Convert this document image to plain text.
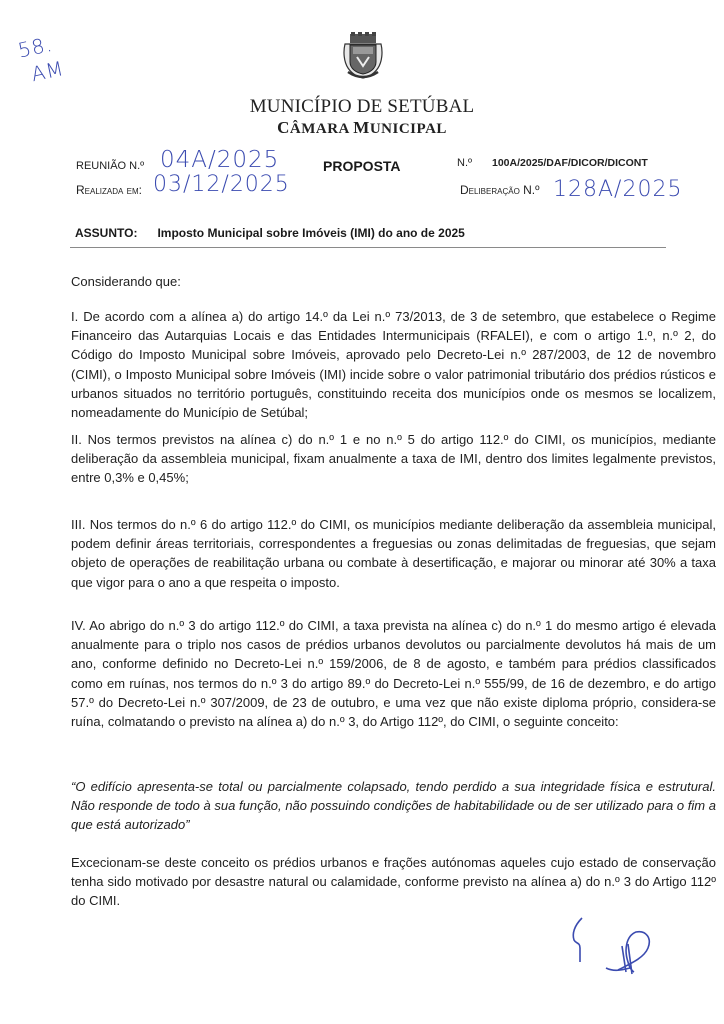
58.
AM
MUNICÍPIO DE SETÚBAL
CÂMARA MUNICIPAL
REUNIÃO N.º 04A/2025
Realizada em: 03/12/2025
PROPOSTA	N.º 100A/2025/DAF/DICOR/DICONT
Deliberação N.º 128A/2025
ASSUNTO: Imposto Municipal sobre Imóveis (IMI) do ano de 2025

Considerando que:

I. De acordo com a alínea a) do artigo 14.º da Lei n.º 73/2013, de 3 de setembro, que estabelece o Regime Financeiro das Autarquias Locais e das Entidades Intermunicipais (RFALEI), e com o artigo 1.º, n.º 2, do Código do Imposto Municipal sobre Imóveis, aprovado pelo Decreto-Lei n.º 287/2003, de 12 de novembro (CIMI), o Imposto Municipal sobre Imóveis (IMI) incide sobre o valor patrimonial tributário dos prédios rústicos e urbanos situados no território português, constituindo receita dos municípios onde os mesmos se localizem, nomeadamente do Município de Setúbal;

II. Nos termos previstos na alínea c) do n.º 1 e no n.º 5 do artigo 112.º do CIMI, os municípios, mediante deliberação da assembleia municipal, fixam anualmente a taxa de IMI, dentro dos limites legalmente previstos, entre 0,3% e 0,45%;

III. Nos termos do n.º 6 do artigo 112.º do CIMI, os municípios mediante deliberação da assembleia municipal, podem definir áreas territoriais, correspondentes a freguesias ou zonas delimitadas de freguesias, que sejam objeto de operações de reabilitação urbana ou combate à desertificação, e majorar ou minorar até 30% a taxa que vigor para o ano a que respeita o imposto.

IV. Ao abrigo do n.º 3 do artigo 112.º do CIMI, a taxa prevista na alínea c) do n.º 1 do mesmo artigo é elevada anualmente para o triplo nos casos de prédios urbanos devolutos ou parcialmente devolutos há mais de um ano, conforme definido no Decreto-Lei n.º 159/2006, de 8 de agosto, e também para prédios classificados como em ruínas, nos termos do n.º 3 do artigo 89.º do Decreto-Lei n.º 555/99, de 16 de dezembro, e do artigo 57.º do Decreto-Lei n.º 307/2009, de 23 de outubro, e uma vez que não existe diploma próprio, considera-se ruína, colmatando o previsto na alínea a) do n.º 3, do Artigo 112º, do CIMI, o seguinte conceito:

“O edifício apresenta-se total ou parcialmente colapsado, tendo perdido a sua integridade física e estrutural. Não responde de todo à sua função, não possuindo condições de habitabilidade ou de ser utilizado para o fim a que está autorizado”

Excecionam-se deste conceito os prédios urbanos e frações autónomas aqueles cujo estado de conservação tenha sido motivado por desastre natural ou calamidade, conforme previsto na alínea a) do n.º 3 do Artigo 112º do CIMI.
